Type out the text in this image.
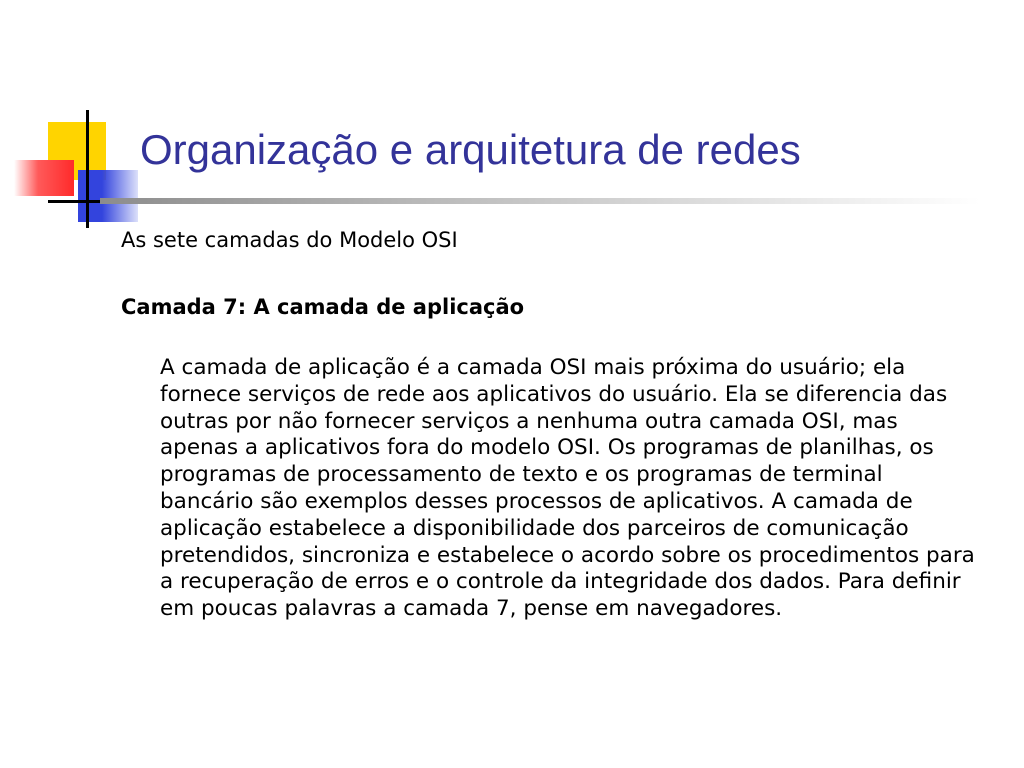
Organização e arquitetura de redes

As sete camadas do Modelo OSI

Camada 7: A camada de aplicação

A camada de aplicação é a camada OSI mais próxima do usuário; ela fornece serviços de rede aos aplicativos do usuário. Ela se diferencia das outras por não fornecer serviços a nenhuma outra camada OSI, mas apenas a aplicativos fora do modelo OSI. Os programas de planilhas, os programas de processamento de texto e os programas de terminal bancário são exemplos desses processos de aplicativos. A camada de aplicação estabelece a disponibilidade dos parceiros de comunicação pretendidos, sincroniza e estabelece o acordo sobre os procedimentos para a recuperação de erros e o controle da integridade dos dados. Para definir em poucas palavras a camada 7, pense em navegadores.
